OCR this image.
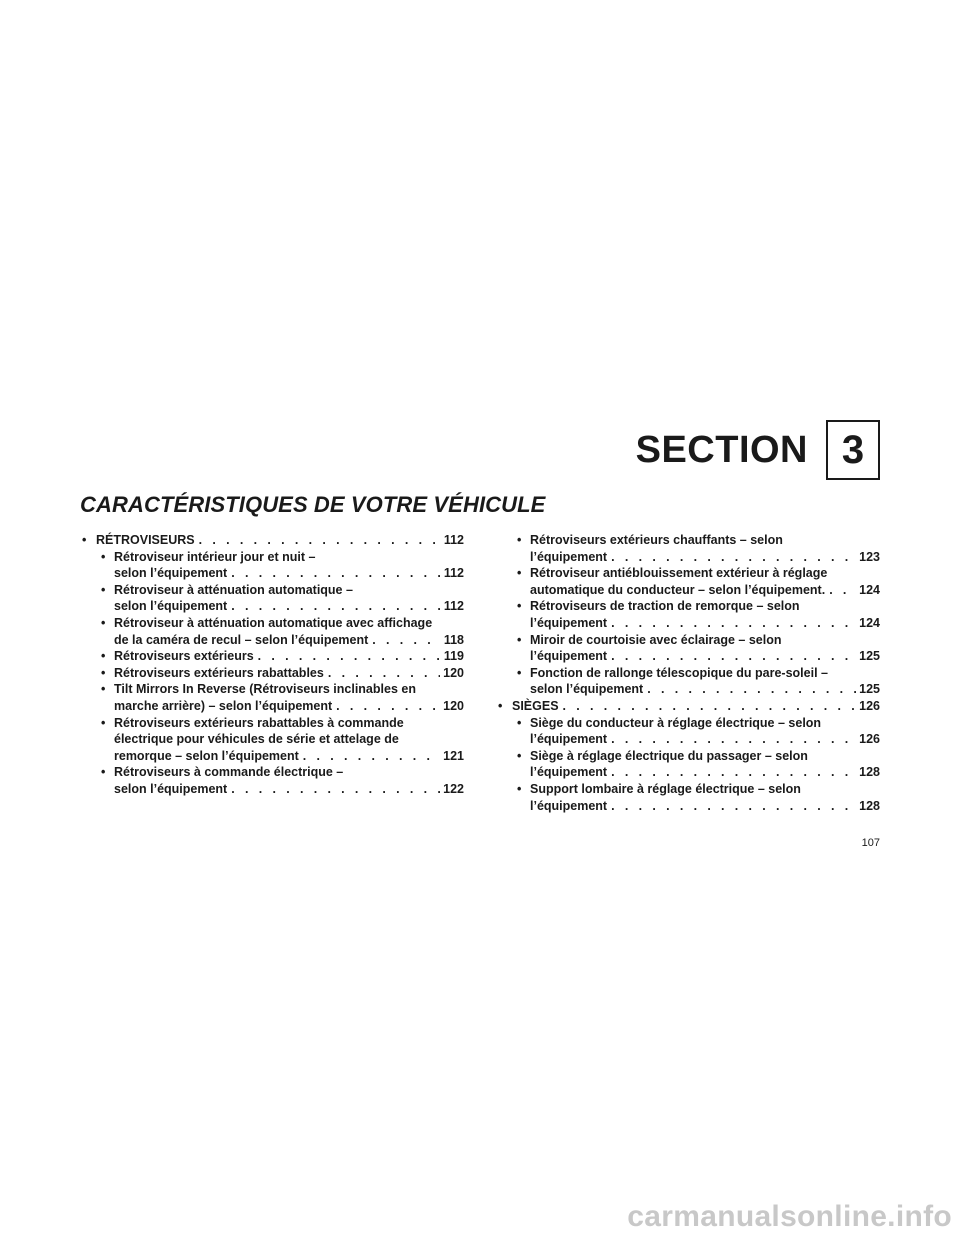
SECTION 3
CARACTÉRISTIQUES DE VOTRE VÉHICULE
• RÉTROVISEURS . . .	112
• Rétroviseur intérieur jour et nuit –
selon l’équipement . . .	112
• Rétroviseur à atténuation automatique –
selon l’équipement . . .	112
• Rétroviseur à atténuation automatique avec affichage
de la caméra de recul – selon l’équipement . . .	118
• Rétroviseurs extérieurs . . .	119
• Rétroviseurs extérieurs rabattables . . .	120
• Tilt Mirrors In Reverse (Rétroviseurs inclinables en
marche arrière) – selon l’équipement . . .	120
• Rétroviseurs extérieurs rabattables à commande
électrique pour véhicules de série et attelage de
remorque – selon l’équipement . . .	121
• Rétroviseurs à commande électrique –
selon l’équipement . . .	122
• Rétroviseurs extérieurs chauffants – selon
l’équipement . . .	123
• Rétroviseur antiéblouissement extérieur à réglage
automatique du conducteur – selon l’équipement. . . .	124
• Rétroviseurs de traction de remorque – selon
l’équipement . . .	124
• Miroir de courtoisie avec éclairage – selon
l’équipement . . .	125
• Fonction de rallonge télescopique du pare-soleil –
selon l’équipement . . .	125
• SIÈGES . . .	126
• Siège du conducteur à réglage électrique – selon
l’équipement . . .	126
• Siège à réglage électrique du passager – selon
l’équipement . . .	128
• Support lombaire à réglage électrique – selon
l’équipement . . .	128
107
carmanualsonline.info
